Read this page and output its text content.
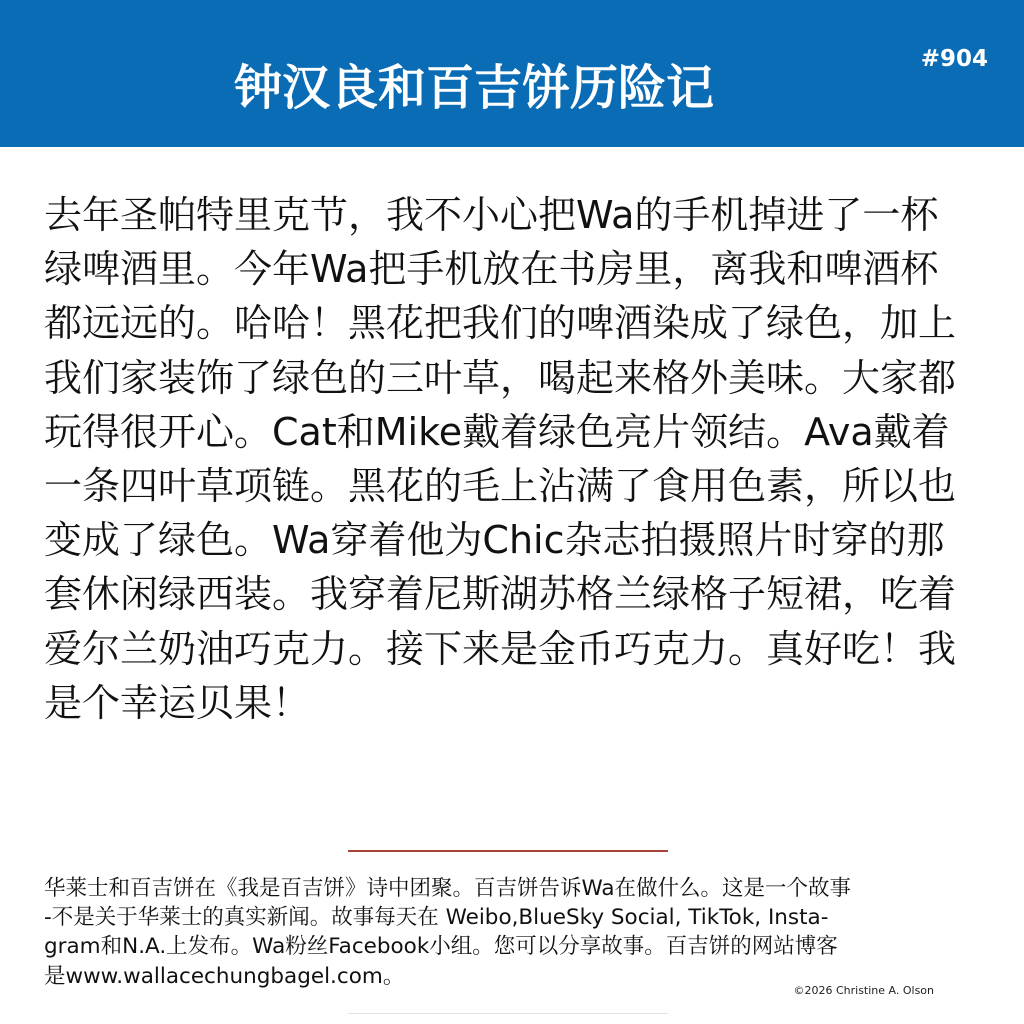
钟汉良和百吉饼历险记
#904
去年圣帕特里克节，我不小心把Wa的手机掉进了一杯
绿啤酒里。今年Wa把手机放在书房里，离我和啤酒杯
都远远的。哈哈！黑花把我们的啤酒染成了绿色，加上
我们家装饰了绿色的三叶草，喝起来格外美味。大家都
玩得很开心。Cat和Mike戴着绿色亮片领结。Ava戴着
一条四叶草项链。黑花的毛上沾满了食用色素，所以也
变成了绿色。Wa穿着他为Chic杂志拍摄照片时穿的那
套休闲绿西装。我穿着尼斯湖苏格兰绿格子短裙，吃着
爱尔兰奶油巧克力。接下来是金币巧克力。真好吃！我
是个幸运贝果！
华莱士和百吉饼在《我是百吉饼》诗中团聚。百吉饼告诉Wa在做什么。这是一个故事
-不是关于华莱士的真实新闻。故事每天在 Weibo,BlueSky Social, TikTok, Insta-
gram和N.A.上发布。Wa粉丝Facebook小组。您可以分享故事。百吉饼的网站博客
是www.wallacechungbagel.com。
©2026 Christine A. Olson
